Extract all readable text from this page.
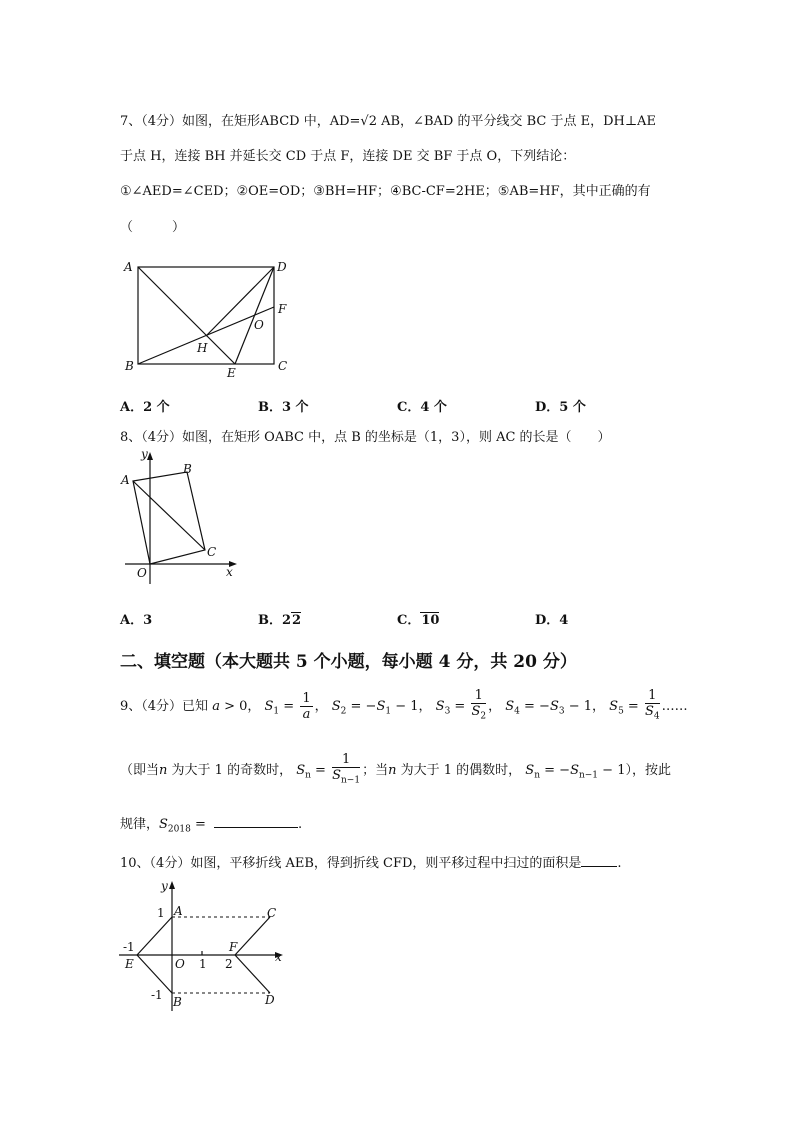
7、（4分）如图，在矩形ABCD 中，AD=√2 AB，∠BAD 的平分线交 BC 于点 E，DH⊥AE
于点 H，连接 BH 并延长交 CD 于点 F，连接 DE 交 BF 于点 O，下列结论：
①∠AED=∠CED；②OE=OD；③BH=HF；④BC-CF=2HE；⑤AB=HF，其中正确的有
（　　　）
A	D
F
O
H
B	E	C
A．2 个	B．3 个	C．4 个	D．5 个
8、（4分）如图，在矩形 OABC 中，点 B 的坐标是（1，3），则 AC 的长是（　　）
y
A
B
C
O	x
A．3	B．22	C．10	D．4
二、填空题（本大题共 5 个小题，每小题 4 分，共 20 分）
9、（4分）已知 a > 0， $S_1 = \frac{1}{a}$ ， $S_2 = -S_1 - 1$， $S_3 = \frac{1}{S_2}$ ， $S_4 = -S_3 - 1$， $S_5 = \frac{1}{S_4}$ ……
（即当n 为大于 1 的奇数时， $S_n = \frac{1}{S_{n-1}}$ ；当n 为大于 1 的偶数时， $S_n = -S_{n-1} - 1$），按此
规律，$S_{2018}$ =	.
10、（4分）如图，平移折线 AEB，得到折线 CFD，则平移过程中扫过的面积是	.
y
1 A	C
-1
E	O 1 2
F
x
-1 B	D
